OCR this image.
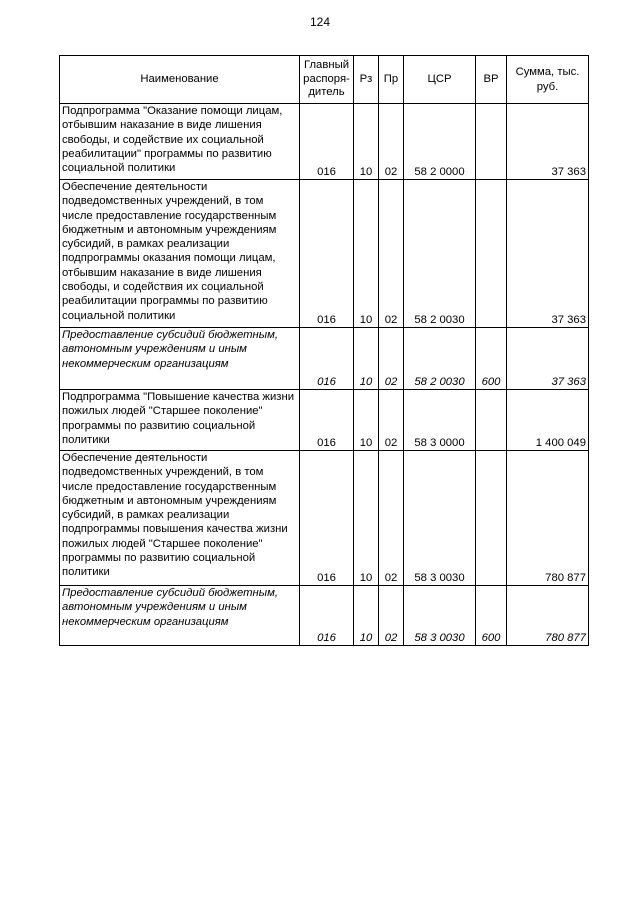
124
Наименование	Главный распоря-дитель	Рз	Пр	ЦСР	ВР	Сумма, тыс. руб.

Подпрограмма "Оказание помощи лицам, отбывшим наказание в виде лишения свободы, и содействие их социальной реабилитации" программы по развитию социальной политики	016	10	02	58 2 0000		37 363

Обеспечение деятельности подведомственных учреждений, в том числе предоставление государственным бюджетным и автономным учреждениям субсидий, в рамках реализации подпрограммы оказания помощи лицам, отбывшим наказание в виде лишения свободы, и содействия их социальной реабилитации программы по развитию социальной политики	016	10	02	58 2 0030		37 363

Предоставление субсидий бюджетным, автономным учреждениям и иным некоммерческим организациям	016	10	02	58 2 0030	600	37 363

Подпрограмма "Повышение качества жизни пожилых людей "Старшее поколение" программы по развитию социальной политики	016	10	02	58 3 0000		1 400 049

Обеспечение деятельности подведомственных учреждений, в том числе предоставление государственным бюджетным и автономным учреждениям субсидий, в рамках реализации подпрограммы повышения качества жизни пожилых людей "Старшее поколение" программы по развитию социальной политики	016	10	02	58 3 0030		780 877

Предоставление субсидий бюджетным, автономным учреждениям и иным некоммерческим организациям	016	10	02	58 3 0030	600	780 877
